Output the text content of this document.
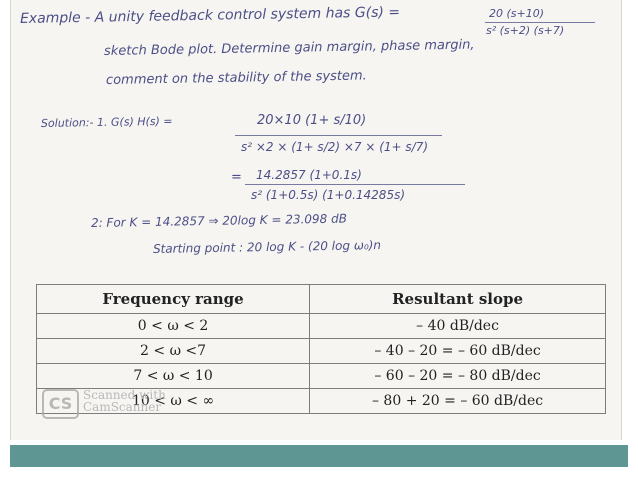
Example - A unity feedback control system has G(s) =	20 (s+10)
s² (s+2) (s+7)
sketch Bode plot. Determine gain margin, phase margin,
comment on the stability of the system.
Solution:- 1. G(s) H(s) =	20×10 (1+ s/10)
s² ×2 × (1+ s/2) ×7 × (1+ s/7)
= 14.2857 (1+0.1s)
s² (1+0.5s) (1+0.14285s)
2: For K = 14.2857 ⇒ 20log K = 23.098 dB
Starting point : 20 log K - (20 log ω₀)n
Frequency range	Resultant slope
0 < ω < 2	– 40 dB/dec
2 < ω <7	– 40 – 20 = – 60 dB/dec
7 < ω < 10	– 60 – 20 = – 80 dB/dec
10 < ω < ∞	– 80 + 20 = – 60 dB/dec
CS Scanned with
CamScanner
